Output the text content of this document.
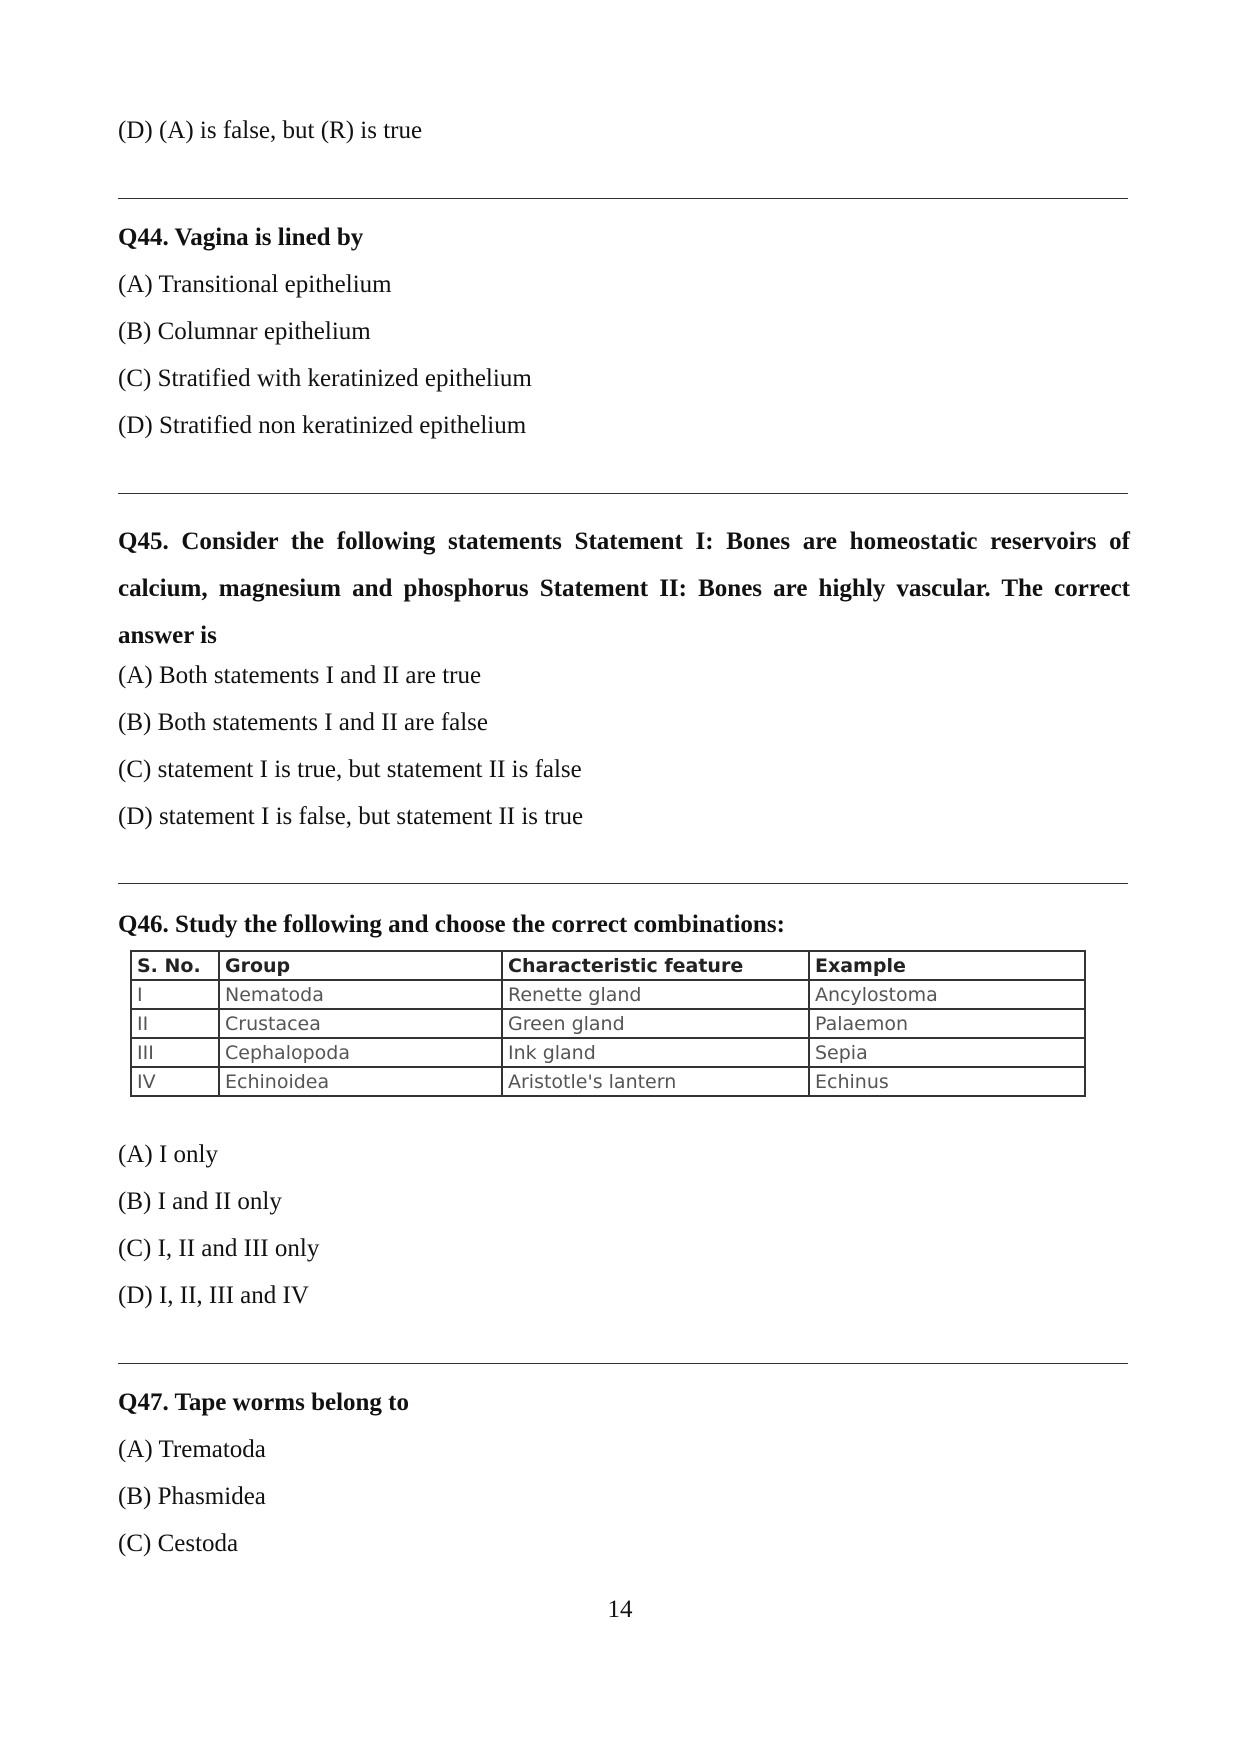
(D) (A) is false, but (R) is true
Q44. Vagina is lined by
(A) Transitional epithelium
(B) Columnar epithelium
(C) Stratified with keratinized epithelium
(D) Stratified non keratinized epithelium
Q45. Consider the following statements Statement I: Bones are homeostatic reservoirs of calcium, magnesium and phosphorus Statement II: Bones are highly vascular. The correct answer is
(A) Both statements I and II are true
(B) Both statements I and II are false
(C) statement I is true, but statement II is false
(D) statement I is false, but statement II is true
Q46. Study the following and choose the correct combinations:
S. No.	Group	Characteristic feature	Example
I	Nematoda	Renette gland	Ancylostoma
II	Crustacea	Green gland	Palaemon
III	Cephalopoda	Ink gland	Sepia
IV	Echinoidea	Aristotle's lantern	Echinus
(A) I only
(B) I and II only
(C) I, II and III only
(D) I, II, III and IV
Q47. Tape worms belong to
(A) Trematoda
(B) Phasmidea
(C) Cestoda
14
